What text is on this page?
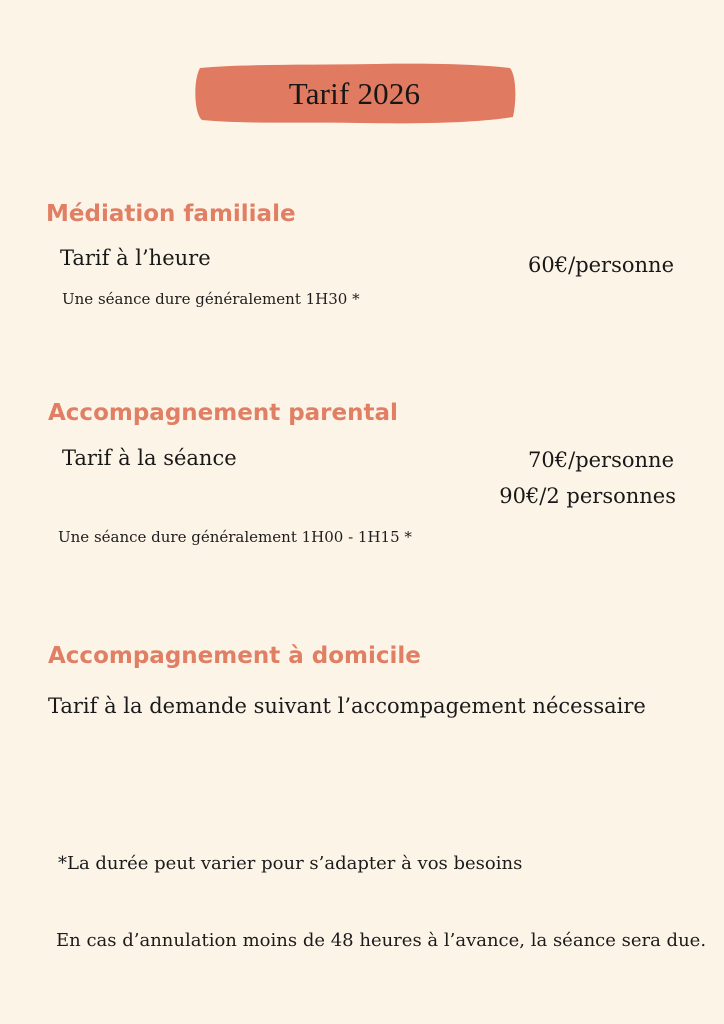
Tarif 2026
Médiation familiale
Tarif à l’heure	60€/personne
Une séance dure généralement 1H30 *
Accompagnement parental
Tarif à la séance	70€/personne
90€/2 personnes
Une séance dure généralement 1H00 - 1H15 *
Accompagnement à domicile
Tarif à la demande suivant l’accompagement nécessaire
*La durée peut varier pour s’adapter à vos besoins
En cas d’annulation moins de 48 heures à l’avance, la séance sera due.
